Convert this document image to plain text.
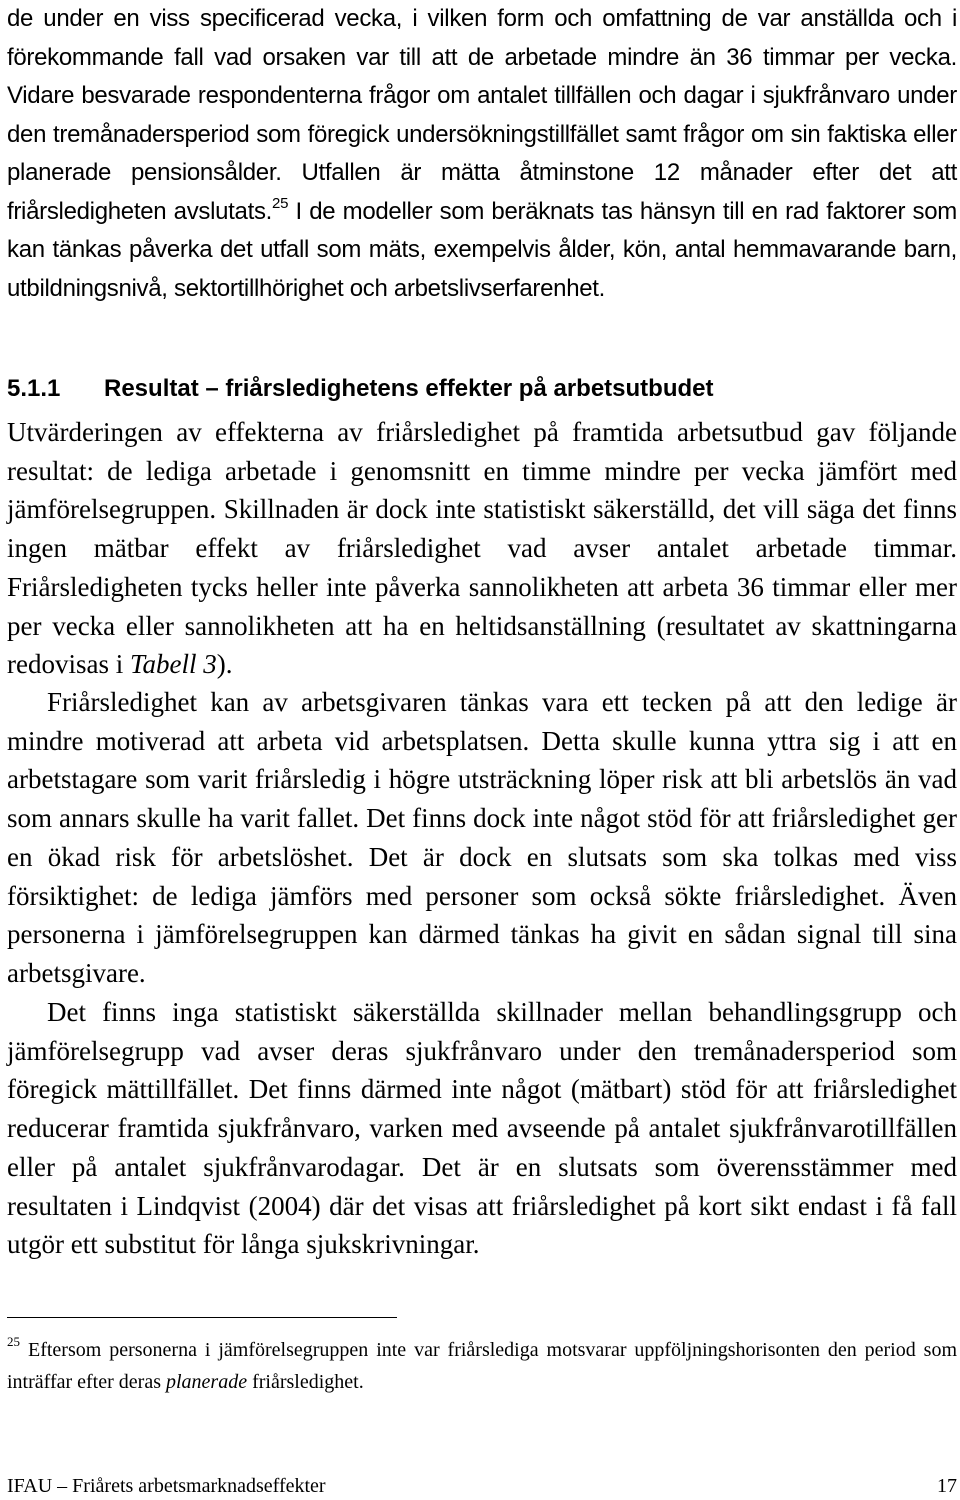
de under en viss specificerad vecka, i vilken form och omfattning de var anställda och i förekommande fall vad orsaken var till att de arbetade mindre än 36 timmar per vecka. Vidare besvarade respondenterna frågor om antalet tillfällen och dagar i sjukfrånvaro under den tremånadersperiod som föregick undersökningstillfället samt frågor om sin faktiska eller planerade pensionsålder. Utfallen är mätta åtminstone 12 månader efter det att friårsledigheten avslutats.$^{25}$ I de modeller som beräknats tas hänsyn till en rad faktorer som kan tänkas påverka det utfall som mäts, exempelvis ålder, kön, antal hemmavarande barn, utbildningsnivå, sektortillhörighet och arbetslivserfarenhet.

5.1.1 Resultat – friårsledighetens effekter på arbetsutbudet

Utvärderingen av effekterna av friårsledighet på framtida arbetsutbud gav följande resultat: de lediga arbetade i genomsnitt en timme mindre per vecka jämfört med jämförelsegruppen. Skillnaden är dock inte statistiskt säkerställd, det vill säga det finns ingen mätbar effekt av friårsledighet vad avser antalet arbetade timmar. Friårsledigheten tycks heller inte påverka sannolikheten att arbeta 36 timmar eller mer per vecka eller sannolikheten att ha en heltidsanställning (resultatet av skattningarna redovisas i Tabell 3).

Friårsledighet kan av arbetsgivaren tänkas vara ett tecken på att den ledige är mindre motiverad att arbeta vid arbetsplatsen. Detta skulle kunna yttra sig i att en arbetstagare som varit friårsledig i högre utsträckning löper risk att bli arbetslös än vad som annars skulle ha varit fallet. Det finns dock inte något stöd för att friårsledighet ger en ökad risk för arbetslöshet. Det är dock en slutsats som ska tolkas med viss försiktighet: de lediga jämförs med personer som också sökte friårsledighet. Även personerna i jämförelsegruppen kan därmed tänkas ha givit en sådan signal till sina arbetsgivare.

Det finns inga statistiskt säkerställda skillnader mellan behandlingsgrupp och jämförelsegrupp vad avser deras sjukfrånvaro under den tremånadersperiod som föregick mättillfället. Det finns därmed inte något (mätbart) stöd för att friårsledighet reducerar framtida sjukfrånvaro, varken med avseende på antalet sjukfrånvarotillfällen eller på antalet sjukfrånvarodagar. Det är en slutsats som överensstämmer med resultaten i Lindqvist (2004) där det visas att friårsledighet på kort sikt endast i få fall utgör ett substitut för långa sjukskrivningar.

$^{25}$ Eftersom personerna i jämförelsegruppen inte var friårslediga motsvarar uppföljningshorisonten den period som inträffar efter deras planerade friårsledighet.

IFAU – Friårets arbetsmarknadseffekter	17
